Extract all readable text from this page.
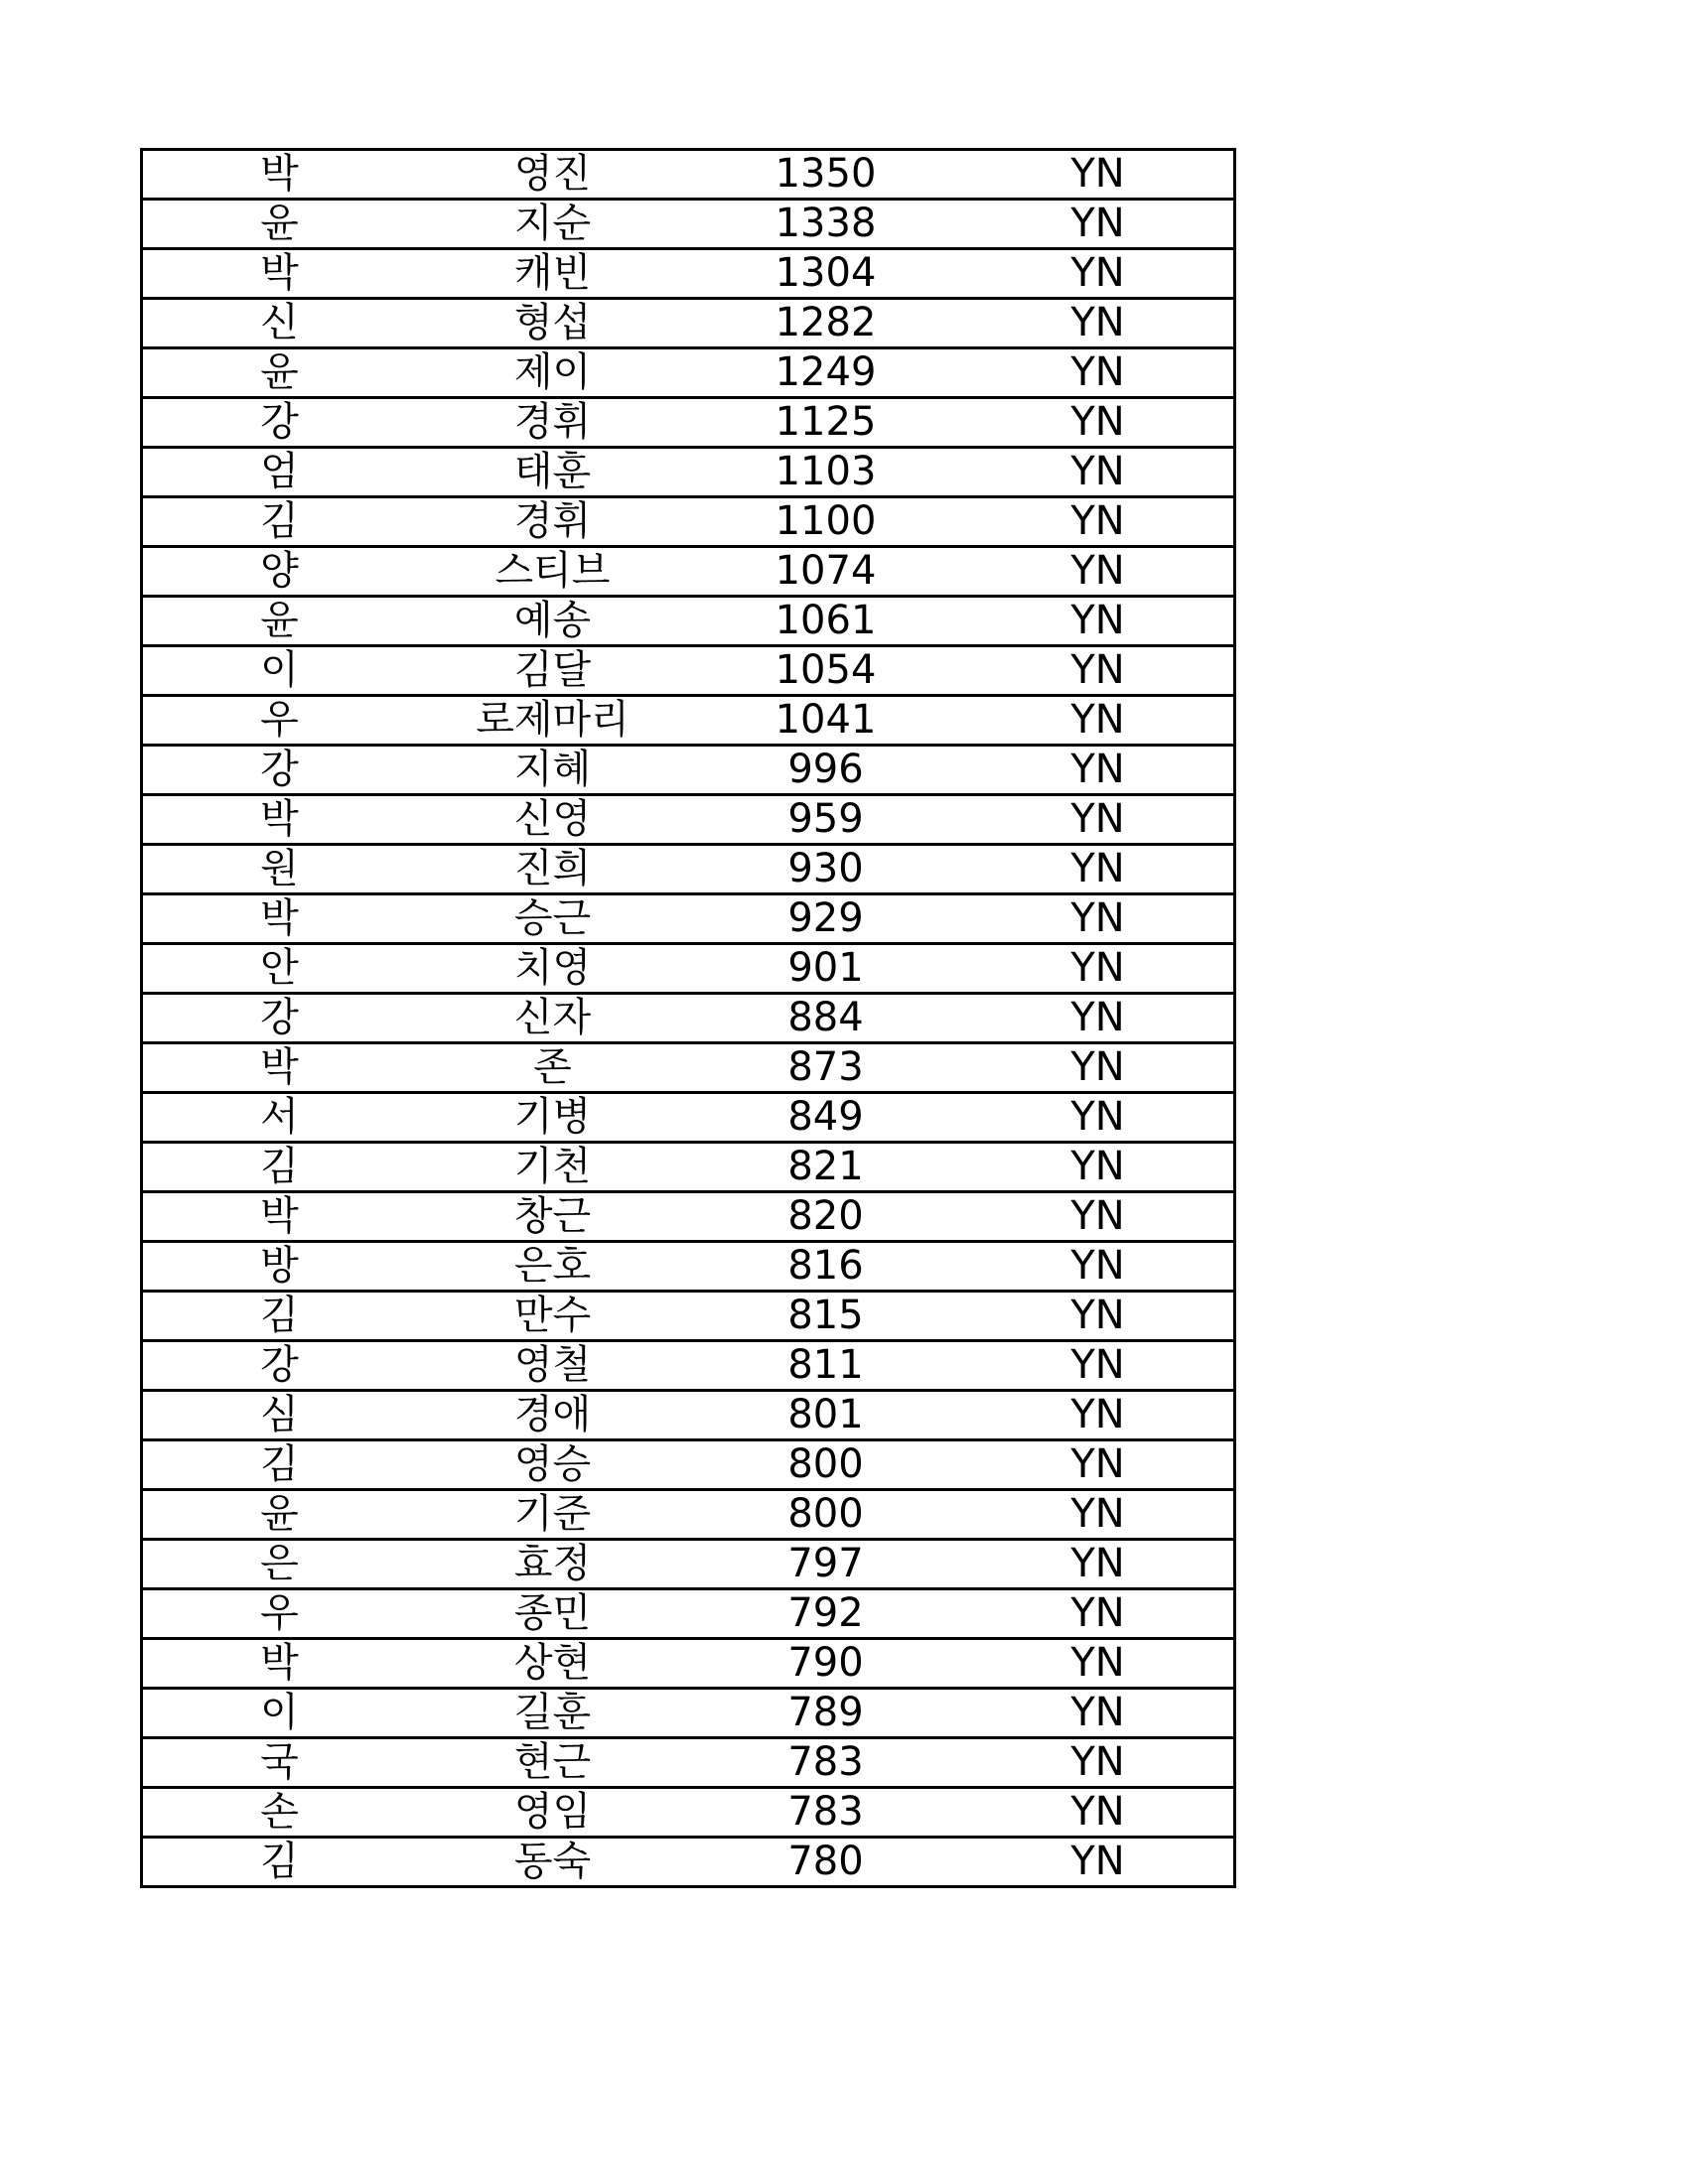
박	영진	1350	YN
윤	지순	1338	YN
박	캐빈	1304	YN
신	형섭	1282	YN
윤	제이	1249	YN
강	경휘	1125	YN
엄	태훈	1103	YN
김	경휘	1100	YN
양	스티브	1074	YN
윤	예송	1061	YN
이	김달	1054	YN
우	로제마리	1041	YN
강	지혜	996	YN
박	신영	959	YN
원	진희	930	YN
박	승근	929	YN
안	치영	901	YN
강	신자	884	YN
박	존	873	YN
서	기병	849	YN
김	기천	821	YN
박	창근	820	YN
방	은호	816	YN
김	만수	815	YN
강	영철	811	YN
심	경애	801	YN
김	영승	800	YN
윤	기준	800	YN
은	효정	797	YN
우	종민	792	YN
박	상현	790	YN
이	길훈	789	YN
국	현근	783	YN
손	영임	783	YN
김	동숙	780	YN
